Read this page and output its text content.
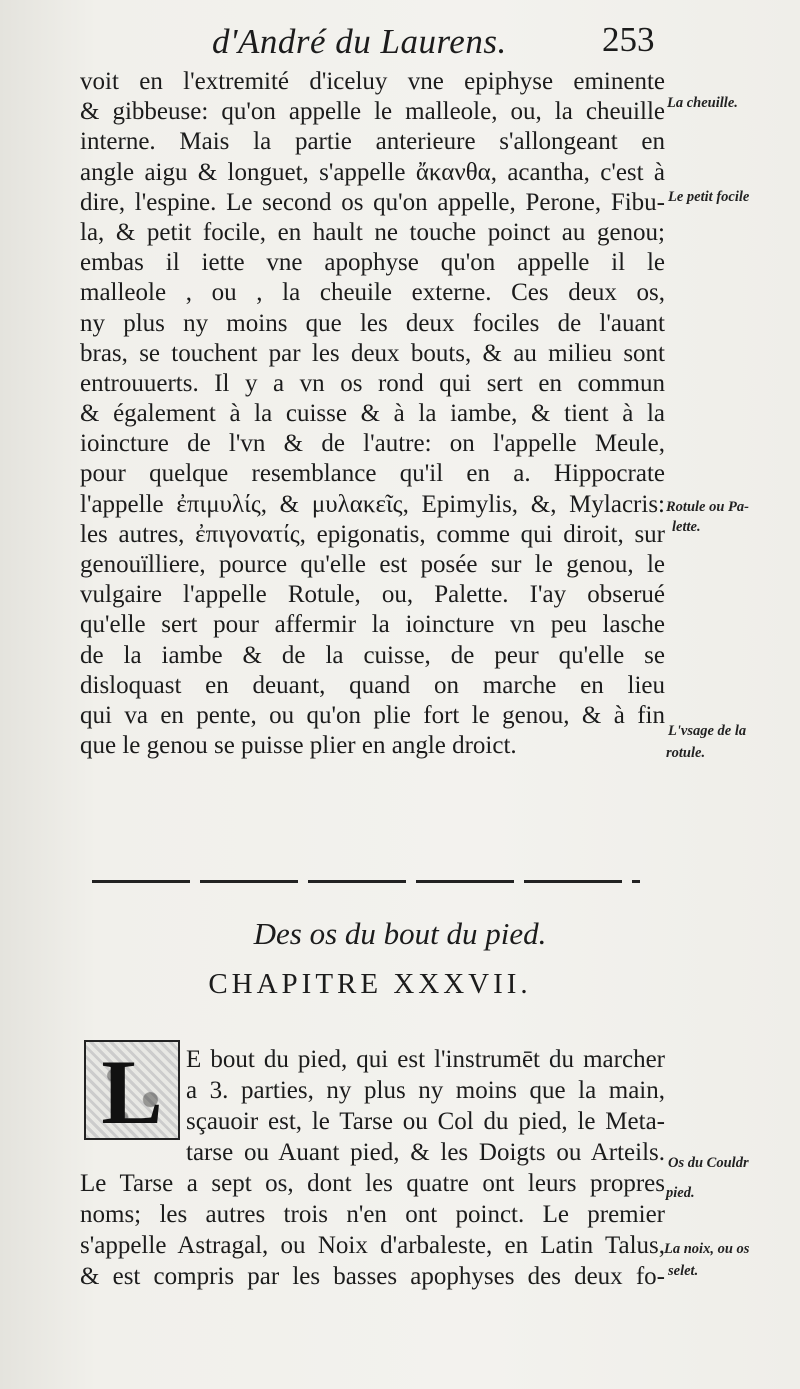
d'André du Laurens.	253
voit en l'extremité d'iceluy vne epiphyse eminente
& gibbeuse: qu'on appelle le malleole, ou, la cheuille
interne. Mais la partie anterieure s'allongeant en
angle aigu & longuet, s'appelle ἄκανθα, acantha, c'est à
dire, l'espine. Le second os qu'on appelle, Perone, Fibu-
la, & petit focile, en hault ne touche poinct au genou;
embas il iette vne apophyse qu'on appelle il le
malleole , ou , la cheuile externe. Ces deux os,
ny plus ny moins que les deux fociles de l'auant
bras, se touchent par les deux bouts, & au milieu sont
entrouuerts. Il y a vn os rond qui sert en commun
& également à la cuisse & à la iambe, & tient à la
ioincture de l'vn & de l'autre: on l'appelle Meule,
pour quelque resemblance qu'il en a. Hippocrate
l'appelle ἐπιμυλίς, & μυλακεῖς, Epimylis, &, Mylacris:
les autres, ἐπιγονατίς, epigonatis, comme qui diroit, sur
genouïlliere, pource qu'elle est posée sur le genou, le
vulgaire l'appelle Rotule, ou, Palette. I'ay obserué
qu'elle sert pour affermir la ioincture vn peu lasche
de la iambe & de la cuisse, de peur qu'elle se
disloquast en deuant, quand on marche en lieu
qui va en pente, ou qu'on plie fort le genou, & à fin
que le genou se puisse plier en angle droict.
La cheuille.
Le petit focile
Rotule ou Pa-
lette.
L'vsage de la
rotule.
Os du Couldr
pied.
La noix, ou os
selet.
Des os du bout du pied.
CHAPITRE XXXVII.
L E bout du pied, qui est l'instrumēt du marcher
a 3. parties, ny plus ny moins que la main,
sçauoir est, le Tarse ou Col du pied, le Meta-
tarse ou Auant pied, & les Doigts ou Arteils.
Le Tarse a sept os, dont les quatre ont leurs propres
noms; les autres trois n'en ont poinct. Le premier
s'appelle Astragal, ou Noix d'arbaleste, en Latin Talus,
& est compris par les basses apophyses des deux fo-
